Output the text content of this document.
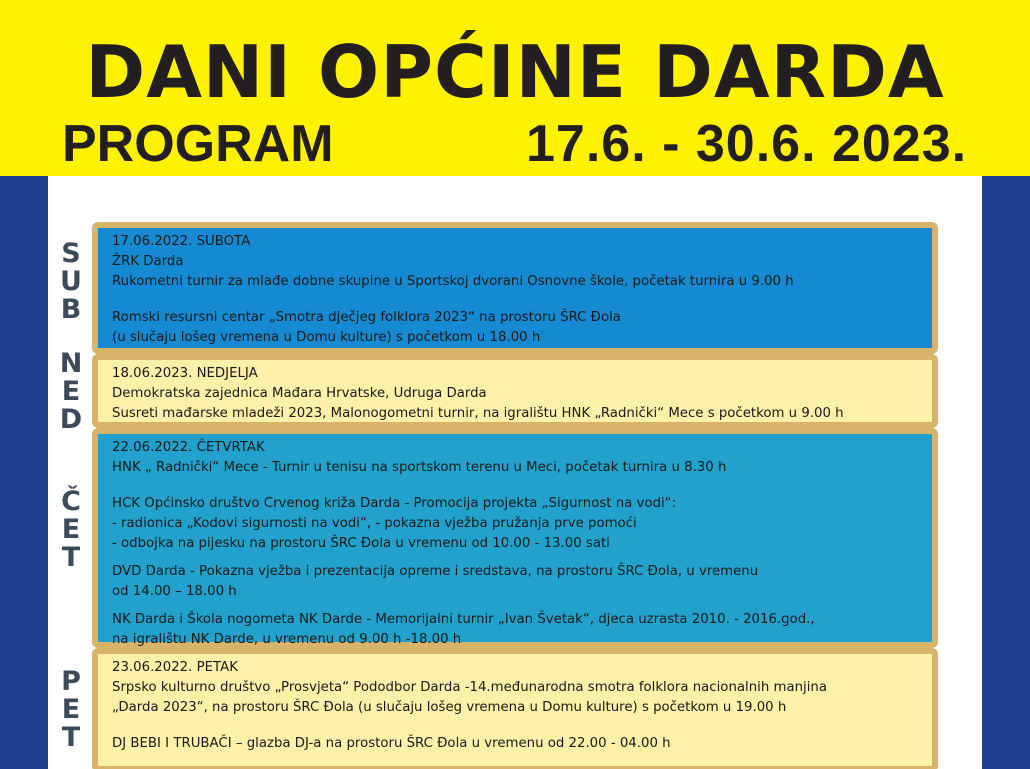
DANI OPĆINE DARDA
PROGRAM	17.6. - 30.6. 2023.
S
U
B

17.06.2022. SUBOTA

ŽRK Darda

Rukometni turnir za mlađe dobne skupine u Sportskoj dvorani Osnovne škole, početak turnira u 9.00 h

Romski resursni centar „Smotra dječjeg folklora 2023“ na prostoru ŠRC Đola

(u slučaju lošeg vremena u Domu kulture) s početkom u 18.00 h

N
E
D

18.06.2023. NEDJELJA

Demokratska zajednica Mađara Hrvatske, Udruga Darda

Susreti mađarske mladeži 2023, Malonogometni turnir, na igralištu HNK „Radnički“ Mece s početkom u 9.00 h

Č
E
T

22.06.2022. ČETVRTAK

HNK „ Radnički“ Mece - Turnir u tenisu na sportskom terenu u Meci, početak turnira u 8.30 h

HCK Općinsko društvo Crvenog križa Darda - Promocija projekta „Sigurnost na vodi“:

- radionica „Kodovi sigurnosti na vodi“, - pokazna vježba pružanja prve pomoći

- odbojka na pijesku na prostoru ŠRC Đola u vremenu od 10.00 - 13.00 sati

DVD Darda - Pokazna vježba i prezentacija opreme i sredstava, na prostoru ŠRC Đola, u vremenu

od 14.00 – 18.00 h

NK Darda i Škola nogometa NK Darde - Memorijalni turnir „Ivan Švetak“, djeca uzrasta 2010. - 2016.god.,

na igralištu NK Darde, u vremenu od 9.00 h -18.00 h

P
E
T

23.06.2022. PETAK

Srpsko kulturno društvo „Prosvjeta“ Pododbor Darda -14.međunarodna smotra folklora nacionalnih manjina

„Darda 2023“, na prostoru ŠRC Đola (u slučaju lošeg vremena u Domu kulture) s početkom u 19.00 h

DJ BEBI I TRUBAČI – glazba DJ-a na prostoru ŠRC Đola u vremenu od 22.00 - 04.00 h
